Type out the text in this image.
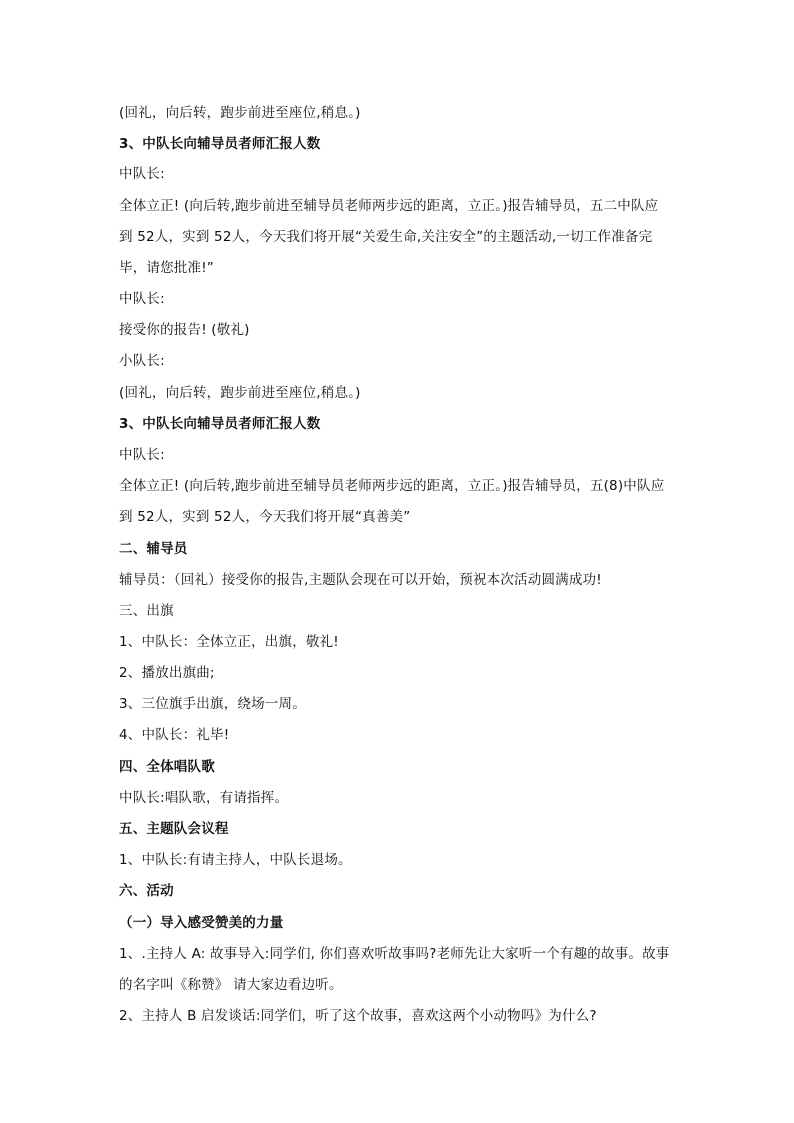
(回礼，向后转，跑步前进至座位,稍息。)
3、中队长向辅导员者师汇报人数
中队长:
全体立正! (向后转,跑步前进至辅导员老师两步远的距离，立正。)报告辅导员，五二中队应
到 52人，实到 52人，今天我们将开展“关爱生命,关注安全”的主题活动,一切工作准备完
毕，请您批准!”
中队长:
接受你的报告! (敬礼)
小队长:
(回礼，向后转，跑步前进至座位,稍息。)
3、中队长向辅导员者师汇报人数
中队长:
全体立正! (向后转,跑步前进至辅导员老师两步远的距离，立正。)报告辅导员，五(8)中队应
到 52人，实到 52人，今天我们将开展“真善美”
二、辅导员
辅导员：（回礼）接受你的报告,主题队会现在可以开始，预祝本次活动圆满成功!
三、出旗
1、中队长：全体立正，出旗，敬礼!
2、播放出旗曲;
3、三位旗手出旗，绕场一周。
4、中队长：礼毕!
四、全体唱队歌
中队长:唱队歌，有请指挥。
五、主题队会议程
1、中队长:有请主持人，中队长退场。
六、活动
（一）导入感受赞美的力量
1、.主持人 A: 故事导入:同学们, 你们喜欢听故事吗?老师先让大家听一个有趣的故事。故事
的名字叫《称赞》 请大家边看边听。
2、主持人 B 启发谈话:同学们，听了这个故事，喜欢这两个小动物吗》为什么?
